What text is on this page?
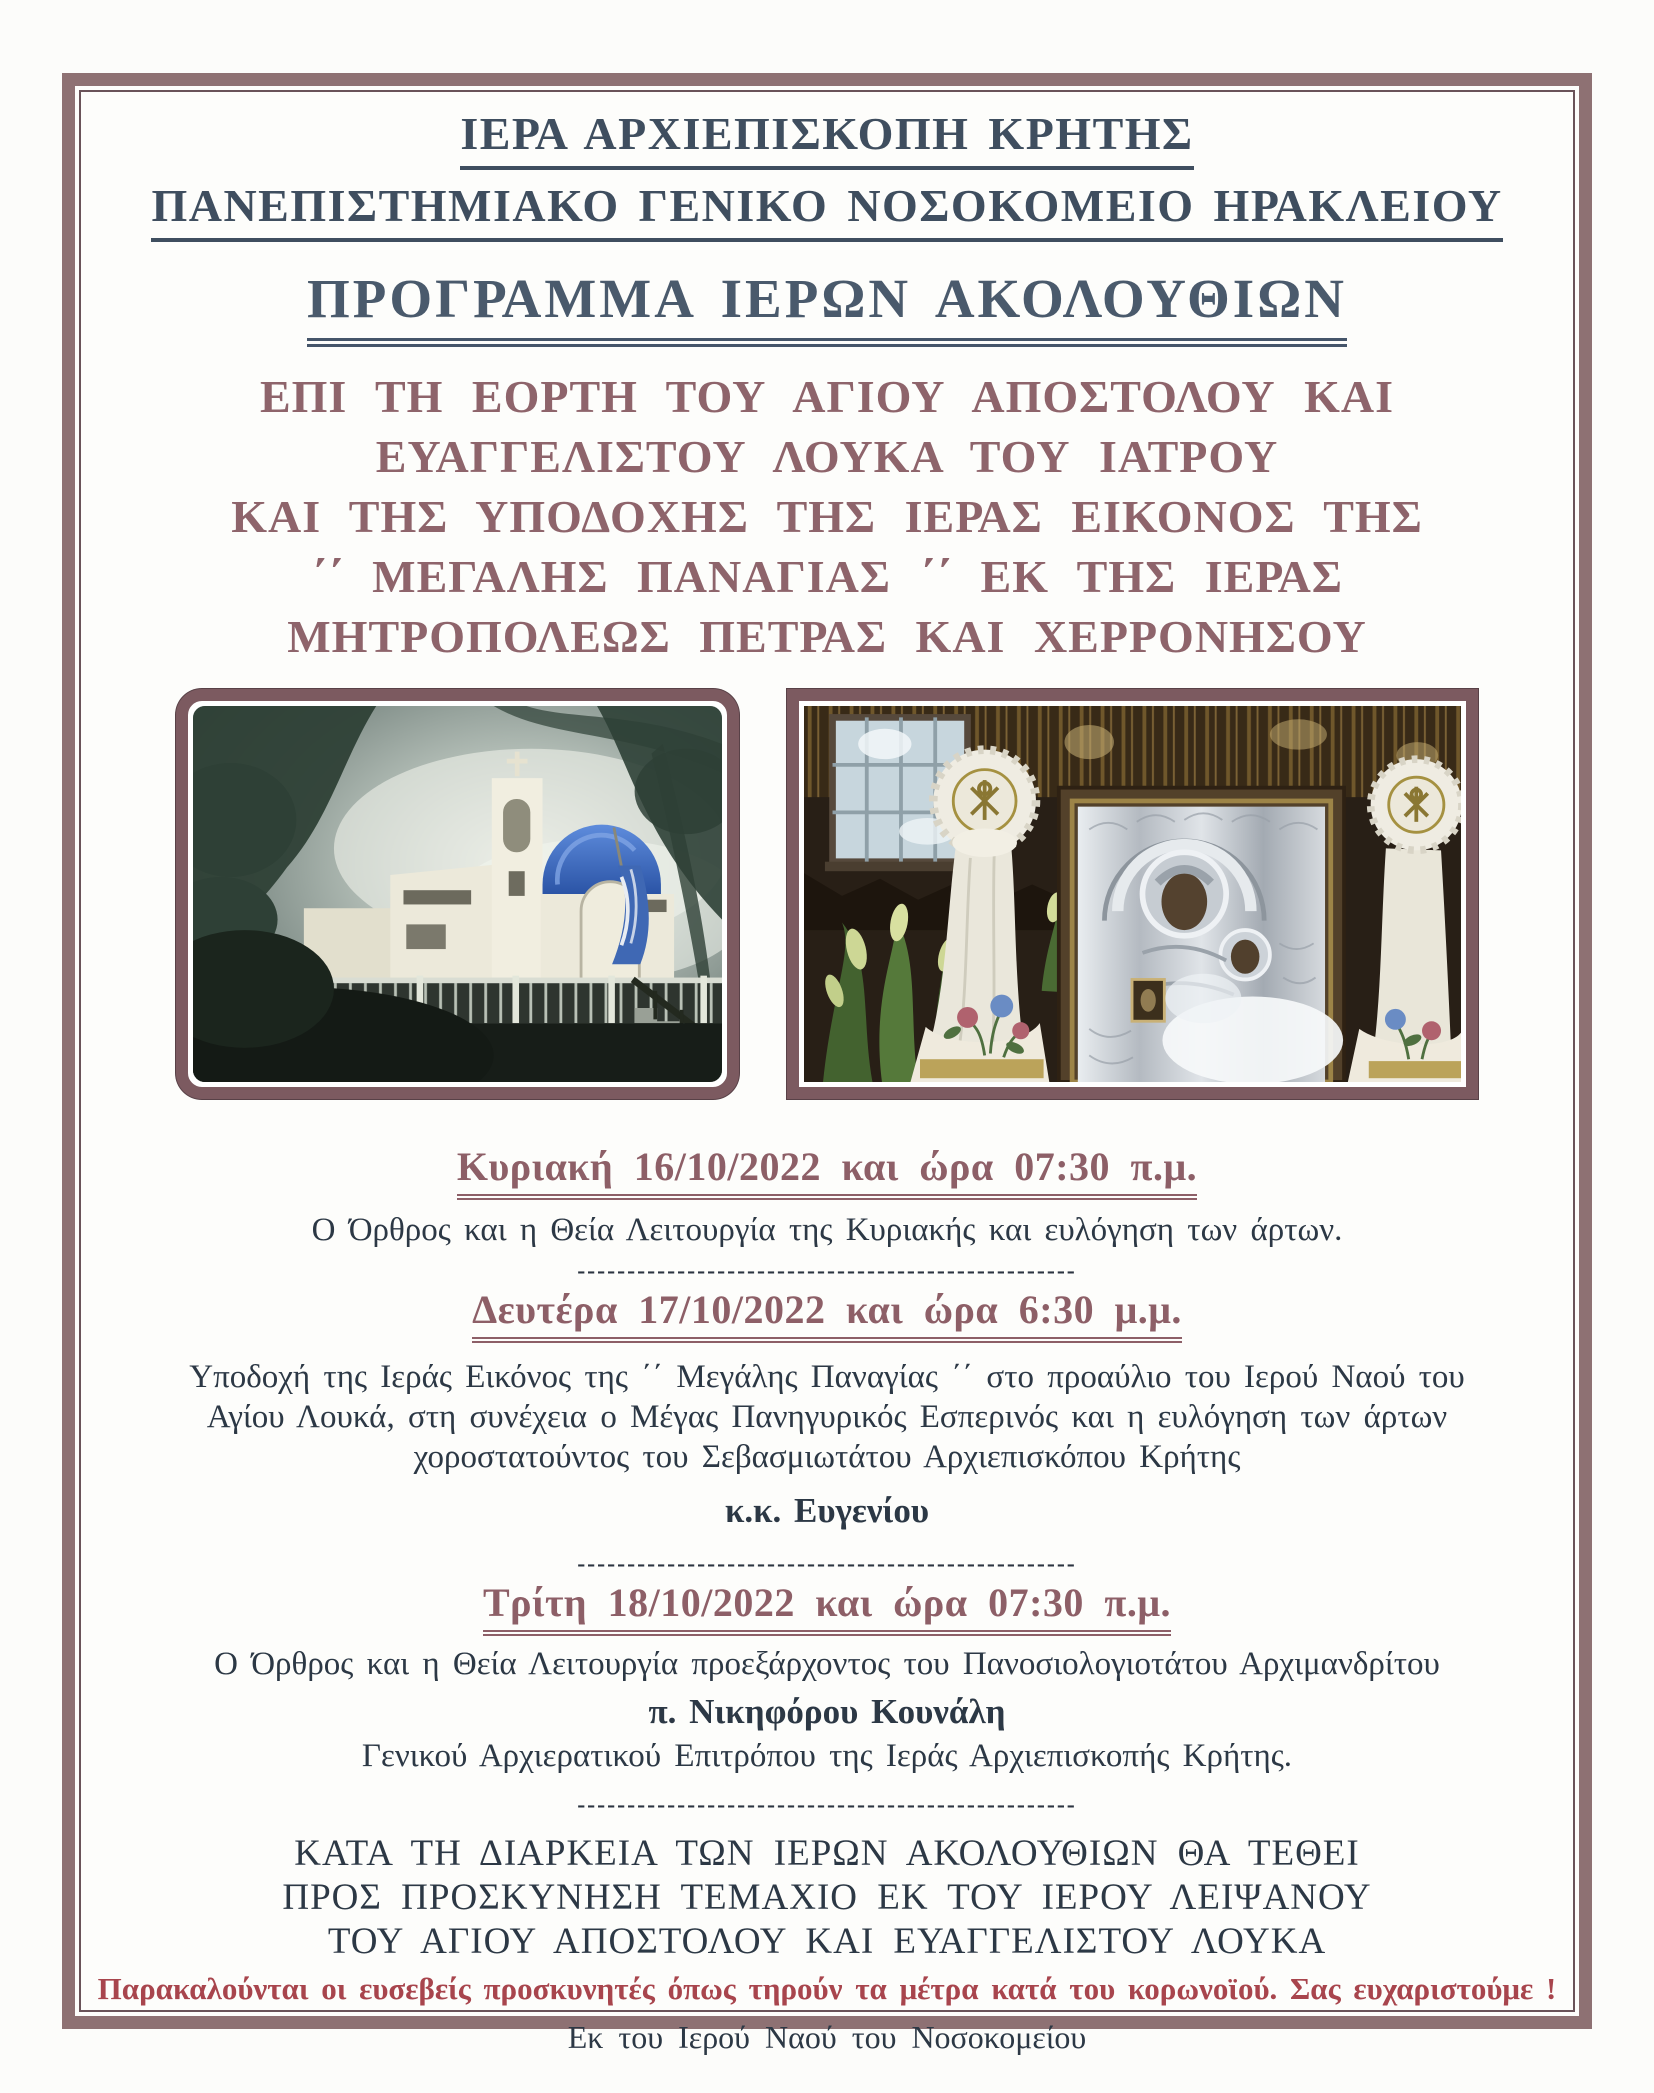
ΙΕΡΑ ΑΡΧΙΕΠΙΣΚΟΠΗ ΚΡΗΤΗΣ
ΠΑΝΕΠΙΣΤΗΜΙΑΚΟ ΓΕΝΙΚΟ ΝΟΣΟΚΟΜΕΙΟ ΗΡΑΚΛΕΙΟΥ
ΠΡΟΓΡΑΜΜΑ ΙΕΡΩΝ ΑΚΟΛΟΥΘΙΩΝ
ΕΠΙ ΤΗ ΕΟΡΤΗ ΤΟΥ ΑΓΙΟΥ ΑΠΟΣΤΟΛΟΥ ΚΑΙ
ΕΥΑΓΓΕΛΙΣΤΟΥ ΛΟΥΚΑ ΤΟΥ ΙΑΤΡΟΥ
ΚΑΙ ΤΗΣ ΥΠΟΔΟΧΗΣ ΤΗΣ ΙΕΡΑΣ ΕΙΚΟΝΟΣ ΤΗΣ
΄΄ ΜΕΓΑΛΗΣ ΠΑΝΑΓΙΑΣ ΄΄ ΕΚ ΤΗΣ ΙΕΡΑΣ
ΜΗΤΡΟΠΟΛΕΩΣ ΠΕΤΡΑΣ ΚΑΙ ΧΕΡΡΟΝΗΣΟΥ
Κυριακή 16/10/2022 και ώρα 07:30 π.μ.
Ο Όρθρος και η Θεία Λειτουργία της Κυριακής και ευλόγηση των άρτων.
--------------------------------------------------
Δευτέρα 17/10/2022 και ώρα 6:30 μ.μ.
Υποδοχή της Ιεράς Εικόνος της ΄΄ Μεγάλης Παναγίας ΄΄ στο προαύλιο του Ιερού Ναού του
Αγίου Λουκά, στη συνέχεια ο Μέγας Πανηγυρικός Εσπερινός και η ευλόγηση των άρτων
χοροστατούντος του Σεβασμιωτάτου Αρχιεπισκόπου Κρήτης
κ.κ. Ευγενίου
--------------------------------------------------
Τρίτη 18/10/2022 και ώρα 07:30 π.μ.
Ο Όρθρος και η Θεία Λειτουργία προεξάρχοντος του Πανοσιολογιοτάτου Αρχιμανδρίτου
π. Νικηφόρου Κουνάλη
Γενικού Αρχιερατικού Επιτρόπου της Ιεράς Αρχιεπισκοπής Κρήτης.
--------------------------------------------------
ΚΑΤΑ ΤΗ ΔΙΑΡΚΕΙΑ ΤΩΝ ΙΕΡΩΝ ΑΚΟΛΟΥΘΙΩΝ ΘΑ ΤΕΘΕΙ
ΠΡΟΣ ΠΡΟΣΚΥΝΗΣΗ ΤΕΜΑΧΙΟ ΕΚ ΤΟΥ ΙΕΡΟΥ ΛΕΙΨΑΝΟΥ
ΤΟΥ ΑΓΙΟΥ ΑΠΟΣΤΟΛΟΥ ΚΑΙ ΕΥΑΓΓΕΛΙΣΤΟΥ ΛΟΥΚΑ
Παρακαλούνται οι ευσεβείς προσκυνητές όπως τηρούν τα μέτρα κατά του κορωνοϊού. Σας ευχαριστούμε !
Εκ του Ιερού Ναού του Νοσοκομείου
